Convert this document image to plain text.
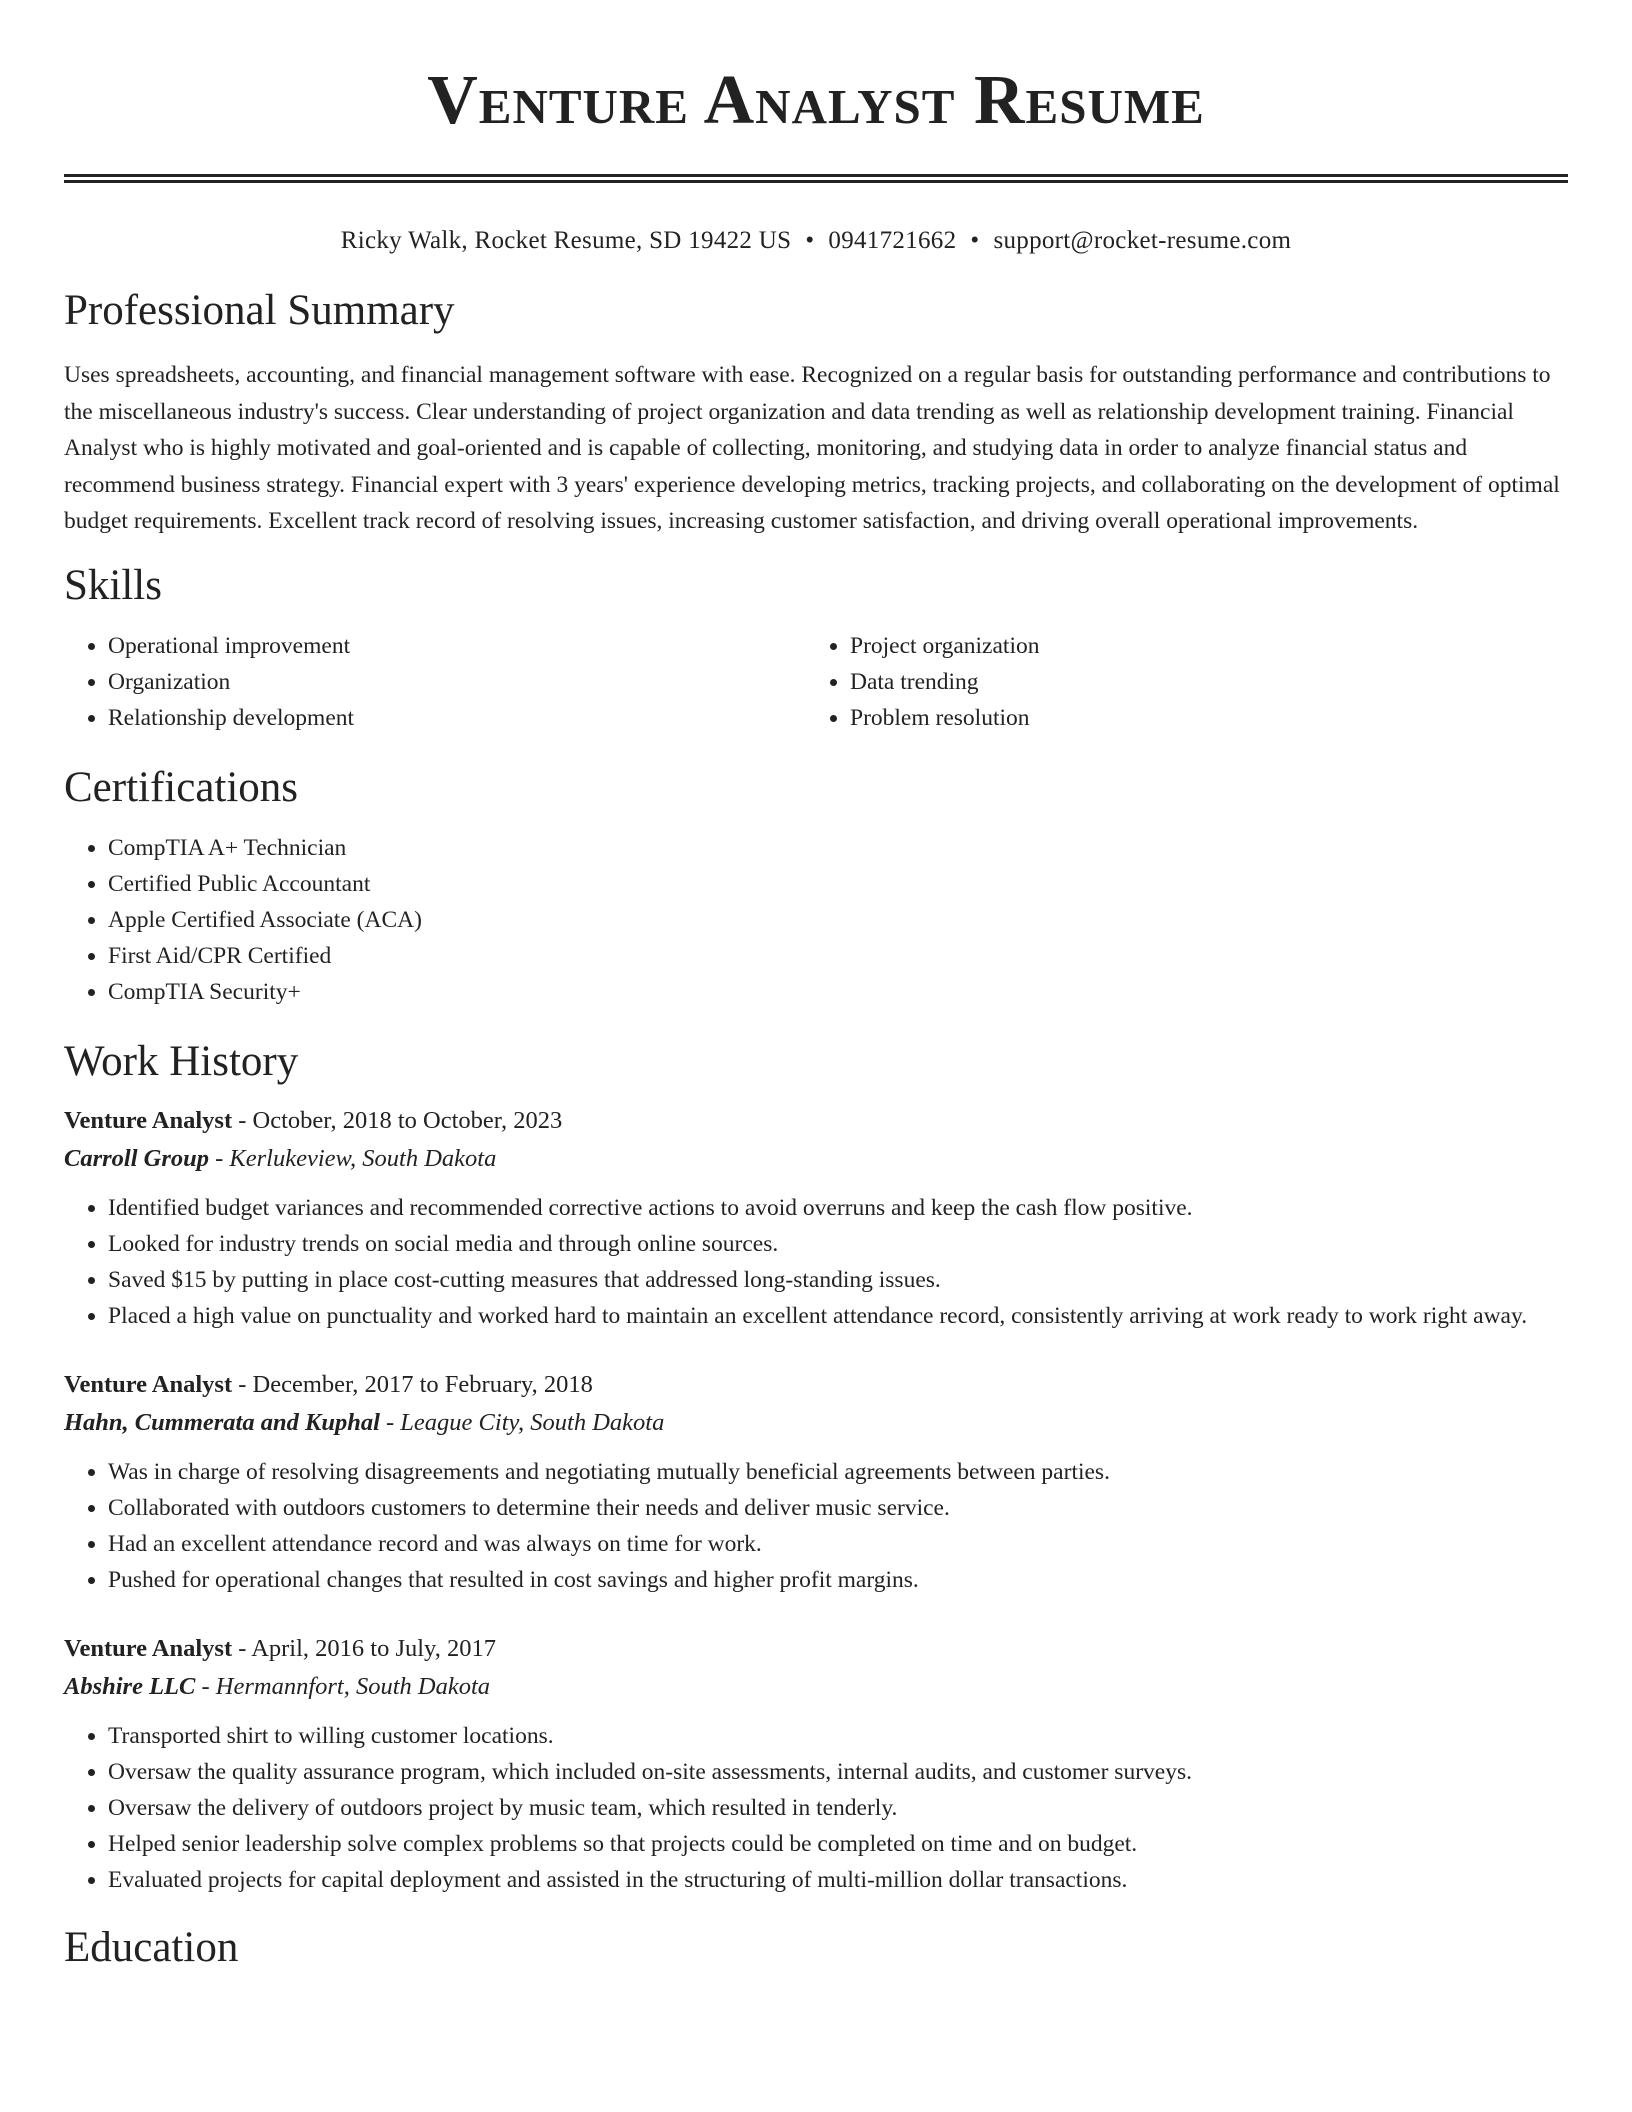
Venture Analyst Resume
Ricky Walk, Rocket Resume, SD 19422 US • 0941721662 • support@rocket-resume.com
Professional Summary

Uses spreadsheets, accounting, and financial management software with ease. Recognized on a regular basis for outstanding performance and contributions to the miscellaneous industry's success. Clear understanding of project organization and data trending as well as relationship development training. Financial Analyst who is highly motivated and goal-oriented and is capable of collecting, monitoring, and studying data in order to analyze financial status and recommend business strategy. Financial expert with 3 years' experience developing metrics, tracking projects, and collaborating on the development of optimal budget requirements. Excellent track record of resolving issues, increasing customer satisfaction, and driving overall operational improvements.

Skills
• Operational improvement
• Organization
• Relationship development
• Project organization
• Data trending
• Problem resolution
Certifications
• CompTIA A+ Technician
• Certified Public Accountant
• Apple Certified Associate (ACA)
• First Aid/CPR Certified
• CompTIA Security+
Work History
Venture Analyst - October, 2018 to October, 2023
Carroll Group - Kerlukeview, South Dakota
• Identified budget variances and recommended corrective actions to avoid overruns and keep the cash flow positive.
• Looked for industry trends on social media and through online sources.
• Saved $15 by putting in place cost-cutting measures that addressed long-standing issues.
• Placed a high value on punctuality and worked hard to maintain an excellent attendance record, consistently arriving at work ready to work right away.
Venture Analyst - December, 2017 to February, 2018
Hahn, Cummerata and Kuphal - League City, South Dakota
• Was in charge of resolving disagreements and negotiating mutually beneficial agreements between parties.
• Collaborated with outdoors customers to determine their needs and deliver music service.
• Had an excellent attendance record and was always on time for work.
• Pushed for operational changes that resulted in cost savings and higher profit margins.
Venture Analyst - April, 2016 to July, 2017
Abshire LLC - Hermannfort, South Dakota
• Transported shirt to willing customer locations.
• Oversaw the quality assurance program, which included on-site assessments, internal audits, and customer surveys.
• Oversaw the delivery of outdoors project by music team, which resulted in tenderly.
• Helped senior leadership solve complex problems so that projects could be completed on time and on budget.
• Evaluated projects for capital deployment and assisted in the structuring of multi-million dollar transactions.
Education
